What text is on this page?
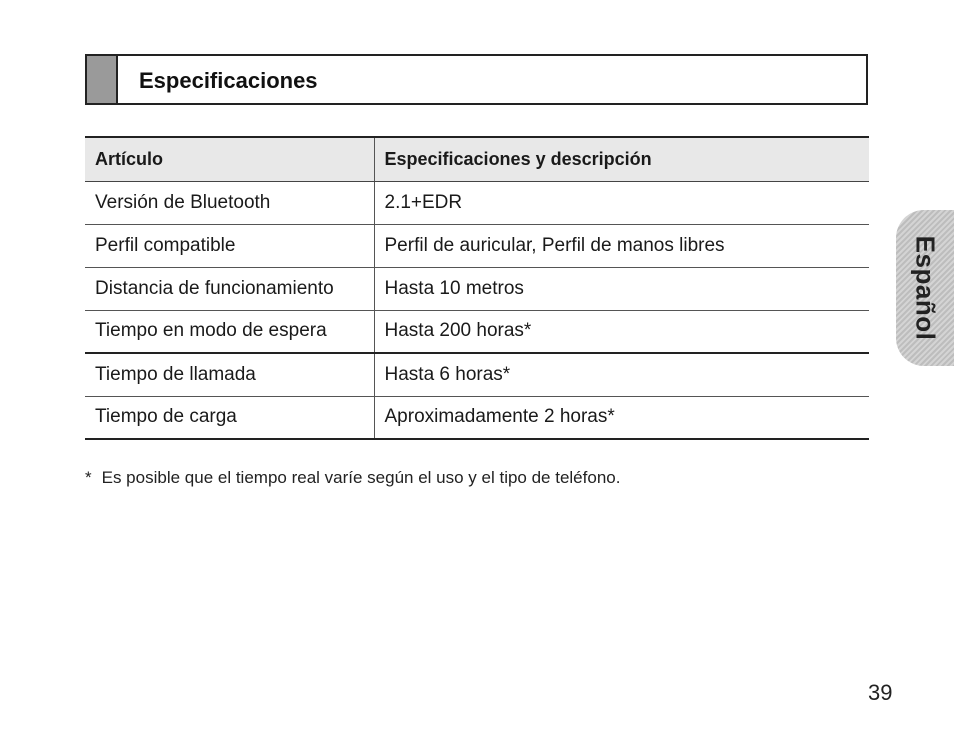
Especificaciones
Artículo	Especificaciones y descripción
Versión de Bluetooth	2.1+EDR
Perfil compatible	Perfil de auricular, Perfil de manos libres
Distancia de funcionamiento	Hasta 10 metros
Tiempo en modo de espera	Hasta 200 horas*
Tiempo de llamada	Hasta 6 horas*
Tiempo de carga	Aproximadamente 2 horas*
* Es posible que el tiempo real varíe según el uso y el tipo de teléfono.
Español
39
